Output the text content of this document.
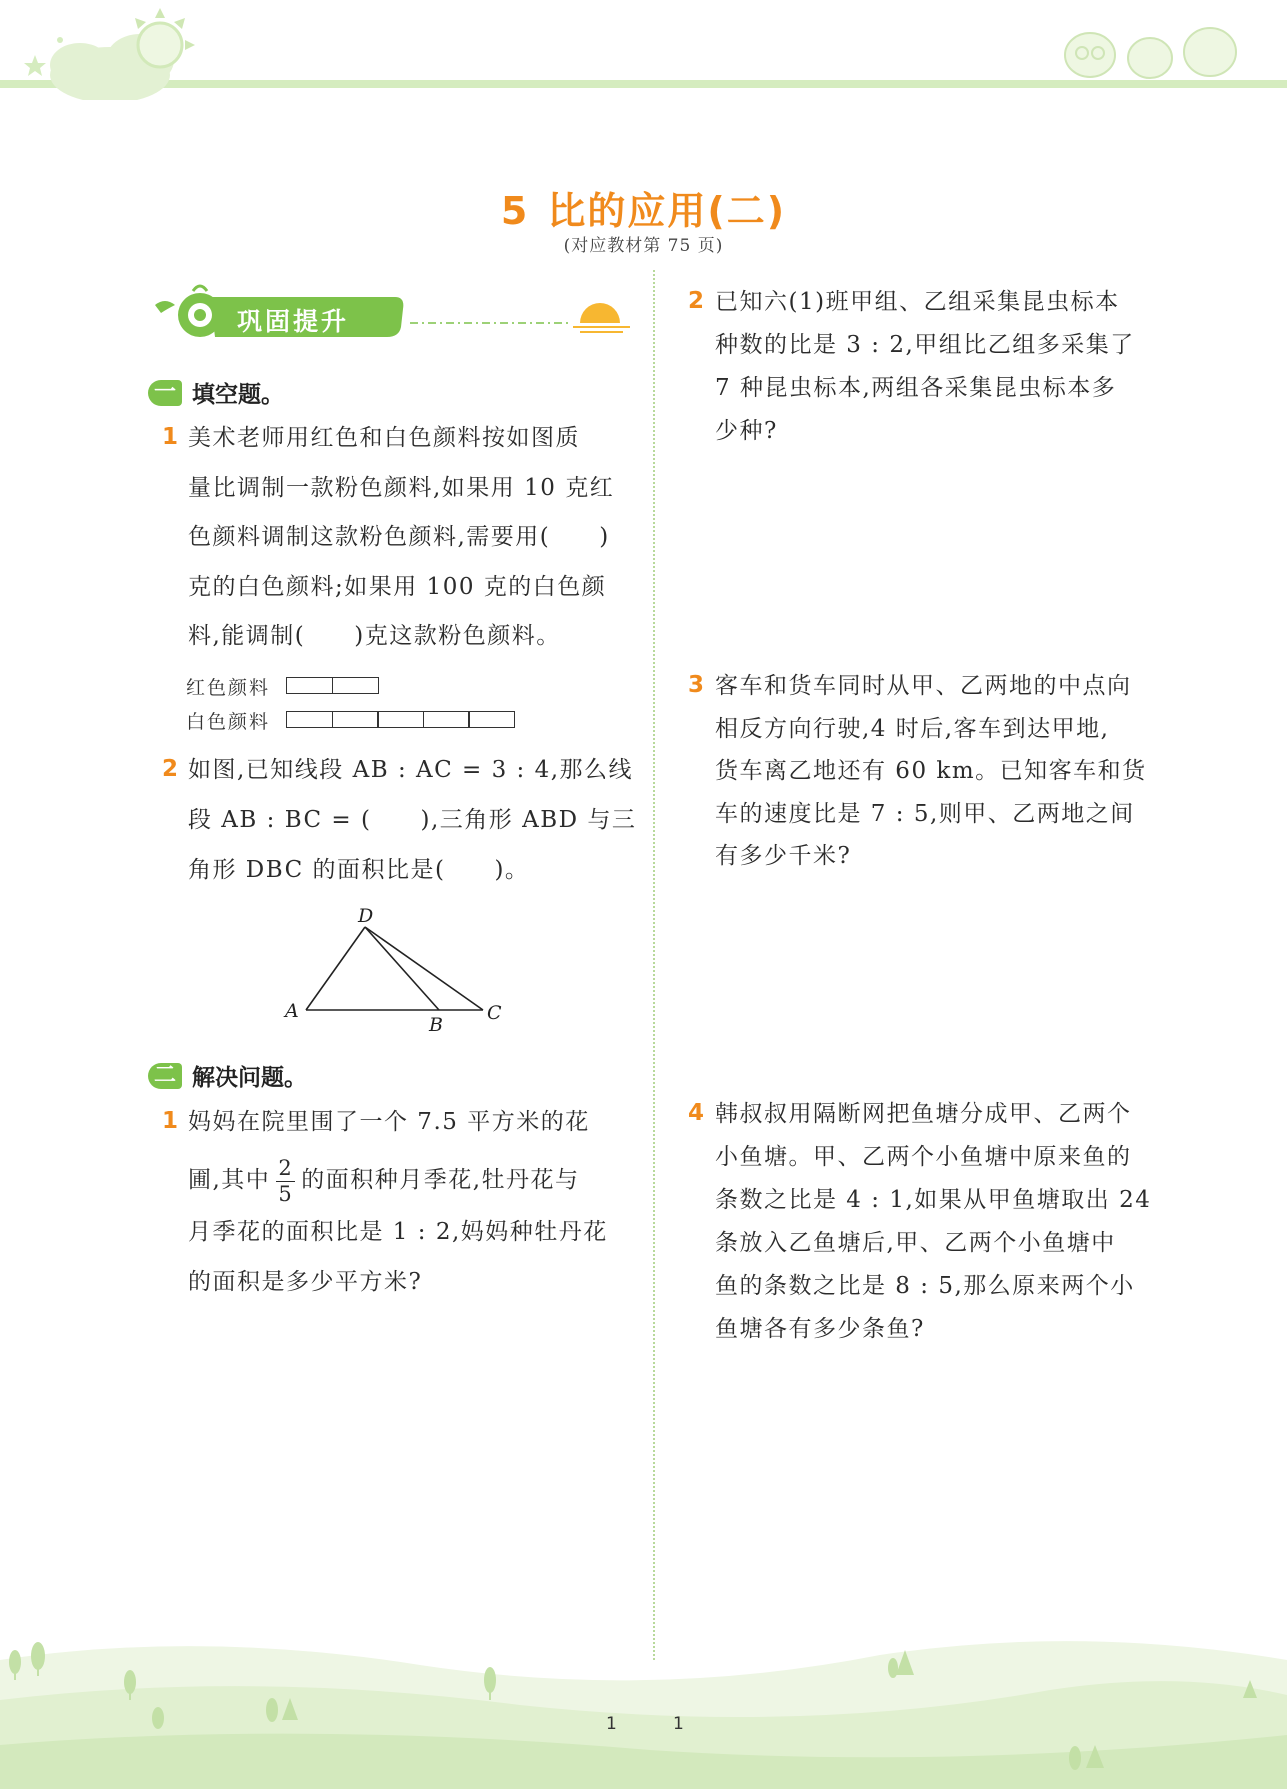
5 比的应用(二)
(对应教材第 75 页)
巩固提升
一 填空题。
1 美术老师用红色和白色颜料按如图质
量比调制一款粉色颜料,如果用 10 克红
色颜料调制这款粉色颜料,需要用(　　)
克的白色颜料;如果用 100 克的白色颜
料,能调制(　　)克这款粉色颜料。
红色颜料
白色颜料
2 如图,已知线段 AB : AC = 3 : 4,那么线
段 AB : BC = (　　),三角形 ABD 与三
角形 DBC 的面积比是(　　)。
D
A
B
C
二 解决问题。
1 妈妈在院里围了一个 7.5 平方米的花
圃,其中 $\frac{2}{5}$ 的面积种月季花,牡丹花与
月季花的面积比是 1 : 2,妈妈种牡丹花
的面积是多少平方米?
2 已知六(1)班甲组、乙组采集昆虫标本
种数的比是 3 : 2,甲组比乙组多采集了
7 种昆虫标本,两组各采集昆虫标本多
少种?
3 客车和货车同时从甲、乙两地的中点向
相反方向行驶,4 时后,客车到达甲地,
货车离乙地还有 60 km。已知客车和货
车的速度比是 7 : 5,则甲、乙两地之间
有多少千米?
4 韩叔叔用隔断网把鱼塘分成甲、乙两个
小鱼塘。甲、乙两个小鱼塘中原来鱼的
条数之比是 4 : 1,如果从甲鱼塘取出 24
条放入乙鱼塘后,甲、乙两个小鱼塘中
鱼的条数之比是 8 : 5,那么原来两个小
鱼塘各有多少条鱼?
1	1
